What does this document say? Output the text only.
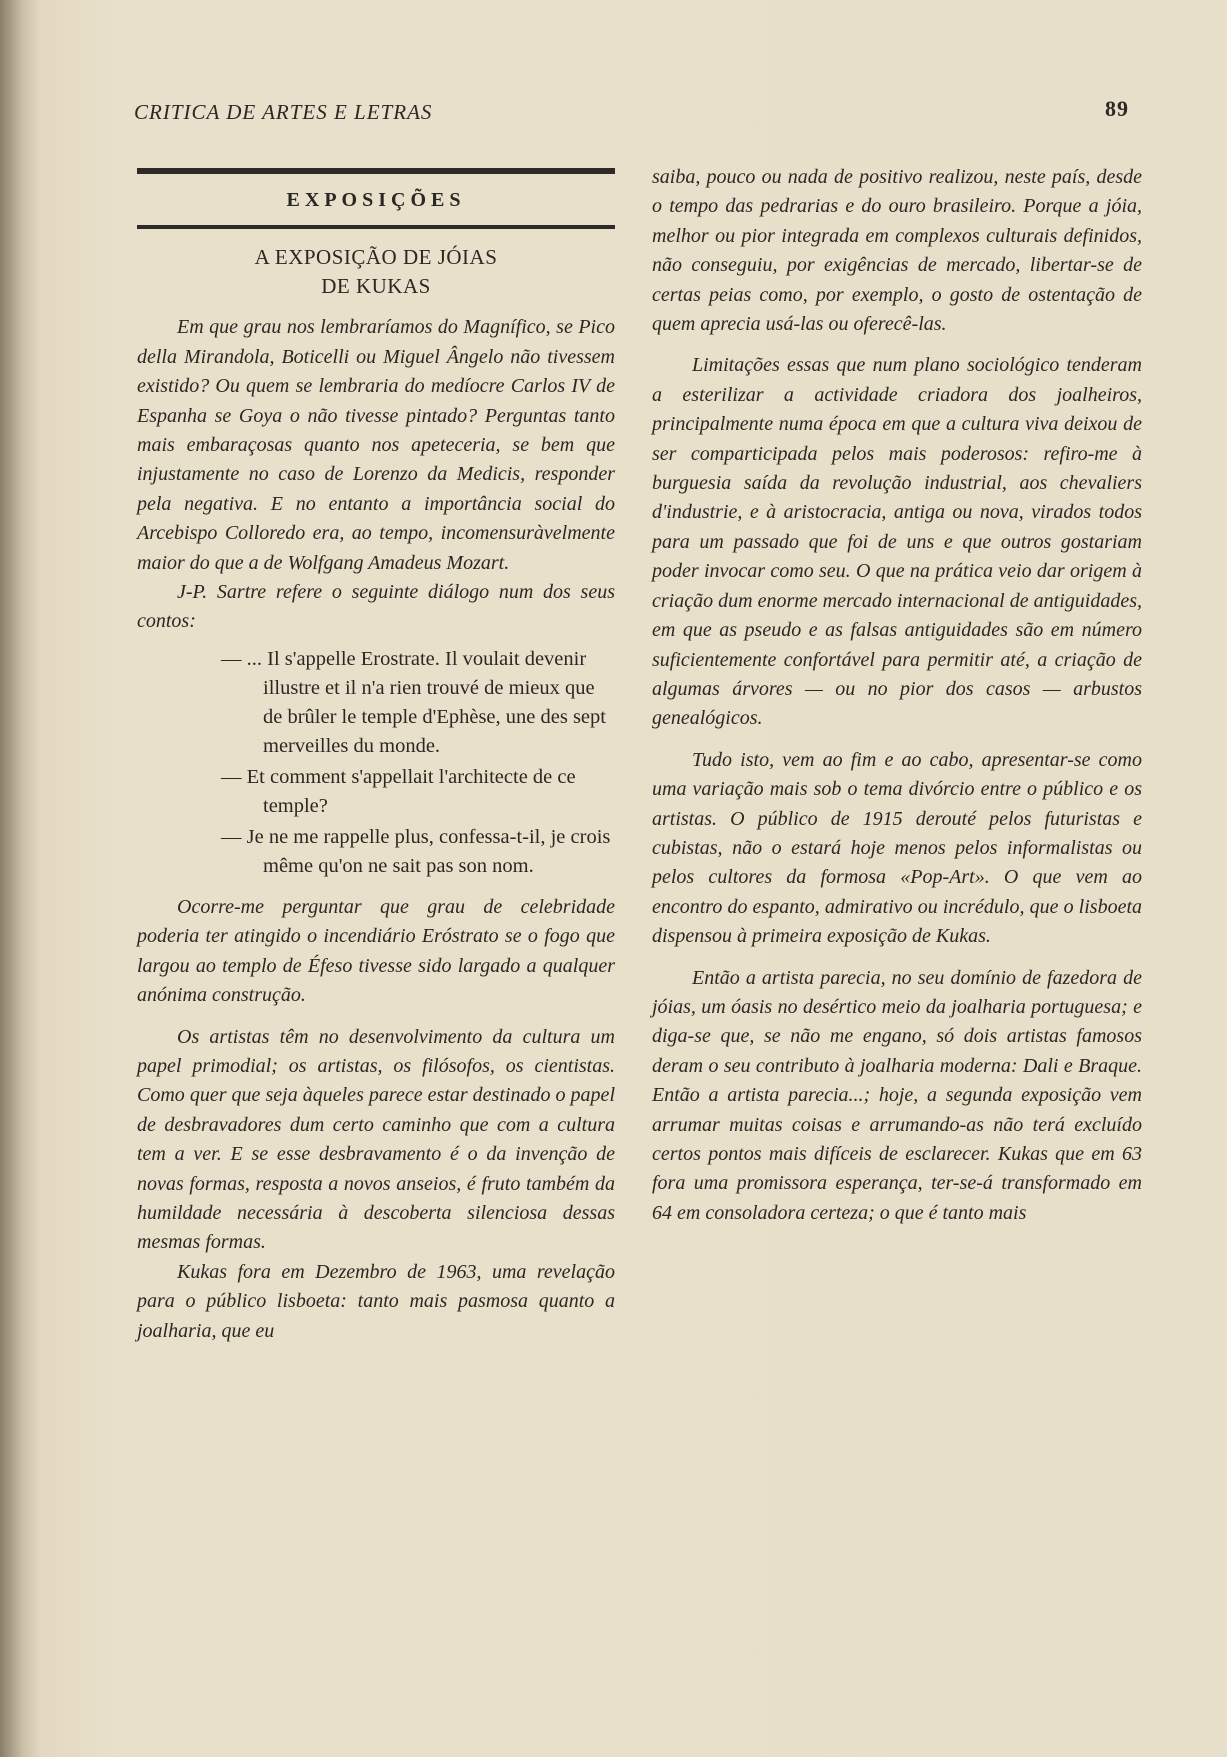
CRITICA DE ARTES E LETRAS	89
EXPOSIÇÕES
A EXPOSIÇÃO DE JÓIAS
DE KUKAS

Em que grau nos lembraríamos do Magnífico, se Pico della Mirandola, Boticelli ou Miguel Ângelo não tivessem existido? Ou quem se lembraria do medíocre Carlos IV de Espanha se Goya o não tivesse pintado? Perguntas tanto mais embaraçosas quanto nos apeteceria, se bem que injustamente no caso de Lorenzo da Medicis, responder pela negativa. E no entanto a importância social do Arcebispo Colloredo era, ao tempo, incomensuràvelmente maior do que a de Wolfgang Amadeus Mozart.

J-P. Sartre refere o seguinte diálogo num dos seus contos:

— ... Il s'appelle Erostrate. Il voulait devenir illustre et il n'a rien trouvé de mieux que de brûler le temple d'Ephèse, une des sept merveilles du monde.
— Et comment s'appellait l'architecte de ce temple?
— Je ne me rappelle plus, confessa-t-il, je crois même qu'on ne sait pas son nom.

Ocorre-me perguntar que grau de celebridade poderia ter atingido o incendiário Eróstrato se o fogo que largou ao templo de Éfeso tivesse sido largado a qualquer anónima construção.

Os artistas têm no desenvolvimento da cultura um papel primodial; os artistas, os filósofos, os cientistas. Como quer que seja àqueles parece estar destinado o papel de desbravadores dum certo caminho que com a cultura tem a ver. E se esse desbravamento é o da invenção de novas formas, resposta a novos anseios, é fruto também da humildade necessária à descoberta silenciosa dessas mesmas formas.

Kukas fora em Dezembro de 1963, uma revelação para o público lisboeta: tanto mais pasmosa quanto a joalharia, que eu

saiba, pouco ou nada de positivo realizou, neste país, desde o tempo das pedrarias e do ouro brasileiro. Porque a jóia, melhor ou pior integrada em complexos culturais definidos, não conseguiu, por exigências de mercado, libertar-se de certas peias como, por exemplo, o gosto de ostentação de quem aprecia usá-las ou oferecê-las.

Limitações essas que num plano sociológico tenderam a esterilizar a actividade criadora dos joalheiros, principalmente numa época em que a cultura viva deixou de ser comparticipada pelos mais poderosos: refiro-me à burguesia saída da revolução industrial, aos chevaliers d'industrie, e à aristocracia, antiga ou nova, virados todos para um passado que foi de uns e que outros gostariam poder invocar como seu. O que na prática veio dar origem à criação dum enorme mercado internacional de antiguidades, em que as pseudo e as falsas antiguidades são em número suficientemente confortável para permitir até, a criação de algumas árvores — ou no pior dos casos — arbustos genealógicos.

Tudo isto, vem ao fim e ao cabo, apresentar-se como uma variação mais sob o tema divórcio entre o público e os artistas. O público de 1915 derouté pelos futuristas e cubistas, não o estará hoje menos pelos informalistas ou pelos cultores da formosa «Pop-Art». O que vem ao encontro do espanto, admirativo ou incrédulo, que o lisboeta dispensou à primeira exposição de Kukas.

Então a artista parecia, no seu domínio de fazedora de jóias, um óasis no desértico meio da joalharia portuguesa; e diga-se que, se não me engano, só dois artistas famosos deram o seu contributo à joalharia moderna: Dali e Braque. Então a artista parecia...; hoje, a segunda exposição vem arrumar muitas coisas e arrumando-as não terá excluído certos pontos mais difíceis de esclarecer. Kukas que em 63 fora uma promissora esperança, ter-se-á transformado em 64 em consoladora certeza; o que é tanto mais
